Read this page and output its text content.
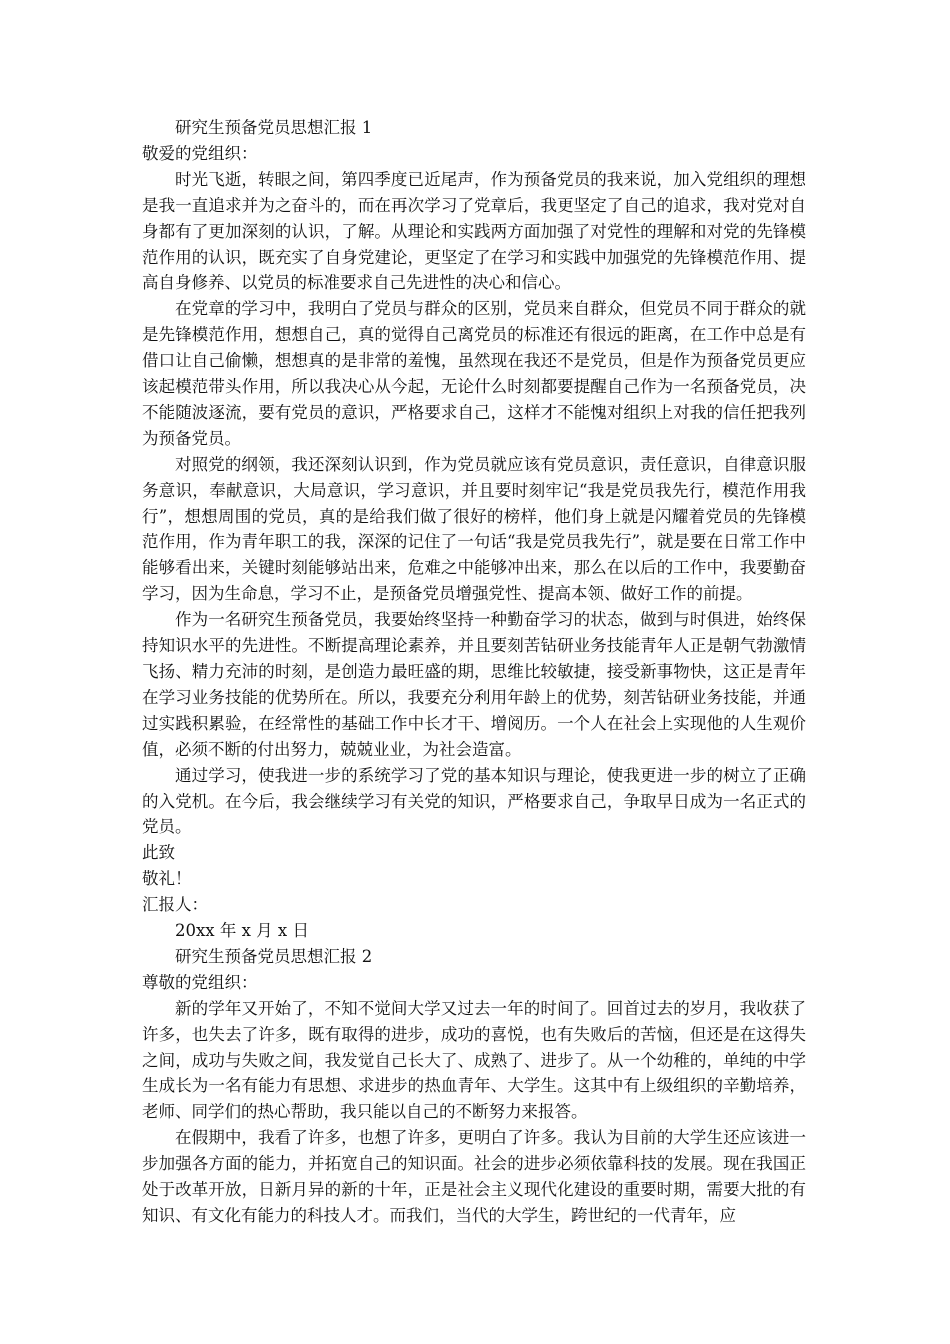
研究生预备党员思想汇报 1
敬爱的党组织：
时光飞逝，转眼之间，第四季度已近尾声，作为预备党员的我来说，加入党组织的理想是我一直追求并为之奋斗的，而在再次学习了党章后，我更坚定了自己的追求，我对党对自身都有了更加深刻的认识，了解。从理论和实践两方面加强了对党性的理解和对党的先锋模范作用的认识，既充实了自身党建论，更坚定了在学习和实践中加强党的先锋模范作用、提高自身修养、以党员的标准要求自己先进性的决心和信心。
在党章的学习中，我明白了党员与群众的区别，党员来自群众，但党员不同于群众的就是先锋模范作用，想想自己，真的觉得自己离党员的标准还有很远的距离，在工作中总是有借口让自己偷懒，想想真的是非常的羞愧，虽然现在我还不是党员，但是作为预备党员更应该起模范带头作用，所以我决心从今起，无论什么时刻都要提醒自己作为一名预备党员，决不能随波逐流，要有党员的意识，严格要求自己，这样才不能愧对组织上对我的信任把我列为预备党员。
对照党的纲领，我还深刻认识到，作为党员就应该有党员意识，责任意识，自律意识服务意识，奉献意识，大局意识，学习意识，并且要时刻牢记“我是党员我先行，模范作用我行”，想想周围的党员，真的是给我们做了很好的榜样，他们身上就是闪耀着党员的先锋模范作用，作为青年职工的我，深深的记住了一句话“我是党员我先行”，就是要在日常工作中能够看出来，关键时刻能够站出来，危难之中能够冲出来，那么在以后的工作中，我要勤奋学习，因为生命息，学习不止，是预备党员增强党性、提高本领、做好工作的前提。
作为一名研究生预备党员，我要始终坚持一种勤奋学习的状态，做到与时俱进，始终保持知识水平的先进性。不断提高理论素养，并且要刻苦钻研业务技能青年人正是朝气勃激情飞扬、精力充沛的时刻，是创造力最旺盛的期，思维比较敏捷，接受新事物快，这正是青年在学习业务技能的优势所在。所以，我要充分利用年龄上的优势，刻苦钻研业务技能，并通过实践积累验，在经常性的基础工作中长才干、增阅历。一个人在社会上实现他的人生观价值，必须不断的付出努力，兢兢业业，为社会造富。
通过学习，使我进一步的系统学习了党的基本知识与理论，使我更进一步的树立了正确的入党机。在今后，我会继续学习有关党的知识，严格要求自己，争取早日成为一名正式的党员。
此致
敬礼！
汇报人：
20xx 年 x 月 x 日
研究生预备党员思想汇报 2
尊敬的党组织：
新的学年又开始了，不知不觉间大学又过去一年的时间了。回首过去的岁月，我收获了许多，也失去了许多，既有取得的进步，成功的喜悦，也有失败后的苦恼，但还是在这得失之间，成功与失败之间，我发觉自己长大了、成熟了、进步了。从一个幼稚的，单纯的中学生成长为一名有能力有思想、求进步的热血青年、大学生。这其中有上级组织的辛勤培养，老师、同学们的热心帮助，我只能以自己的不断努力来报答。
在假期中，我看了许多，也想了许多，更明白了许多。我认为目前的大学生还应该进一步加强各方面的能力，并拓宽自己的知识面。社会的进步必须依靠科技的发展。现在我国正处于改革开放，日新月异的新的十年，正是社会主义现代化建设的重要时期，需要大批的有知识、有文化有能力的科技人才。而我们，当代的大学生，跨世纪的一代青年，应
